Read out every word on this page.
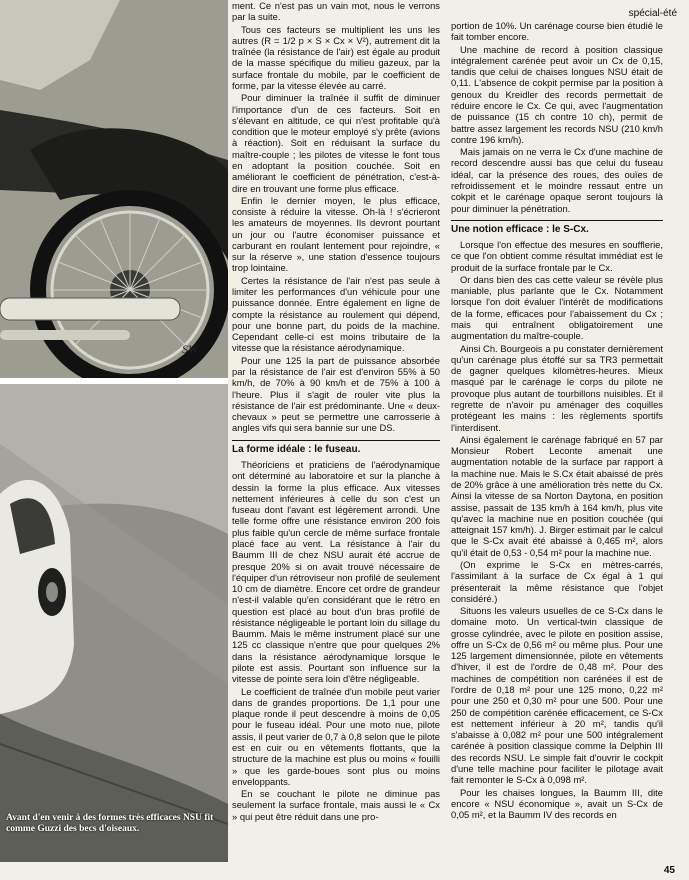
SW
Avant d'en venir à des formes très efficaces NSU fit comme Guzzi des becs d'oiseaux.
spécial-été

ment. Ce n'est pas un vain mot, nous le verrons par la suite.

Tous ces facteurs se multiplient les uns les autres (R = 1/2 p × S × Cx × V²), autrement dit la traînée (la résistance de l'air) est égale au produit de la masse spécifique du milieu gazeux, par la surface frontale du mobile, par le coefficient de forme, par la vitesse élevée au carré.

Pour diminuer la traînée il suffit de diminuer l'importance d'un de ces facteurs. Soit en s'élevant en altitude, ce qui n'est profitable qu'à condition que le moteur employé s'y prête (avions à réaction). Soit en réduisant la surface du maître-couple ; les pilotes de vitesse le font tous en adoptant la position couchée. Soit en améliorant le coefficient de pénétration, c'est-à-dire en trouvant une forme plus efficace.

Enfin le dernier moyen, le plus efficace, consiste à réduire la vitesse. Oh-là ! s'écrieront les amateurs de moyennes. Ils devront pourtant un jour ou l'autre économiser puissance et carburant en roulant lentement pour rejoindre, « sur la réserve », une station d'essence toujours trop lointaine.

Certes la résistance de l'air n'est pas seule à limiter les performances d'un véhicule pour une puissance donnée. Entre également en ligne de compte la résistance au roulement qui dépend, pour une bonne part, du poids de la machine. Cependant celle-ci est moins tributaire de la vitesse que la résistance aérodynamique.

Pour une 125 la part de puissance absorbée par la résistance de l'air est d'environ 55% à 50 km/h, de 70% à 90 km/h et de 75% à 100 à l'heure. Plus il s'agit de rouler vite plus la résistance de l'air est prédominante. Une « deux-chevaux » peut se permettre une carrosserie à angles vifs qui sera bannie sur une DS.

La forme idéale : le fuseau.

Théoriciens et praticiens de l'aérodynamique ont déterminé au laboratoire et sur la planche à dessin la forme la plus efficace. Aux vitesses nettement inférieures à celle du son c'est un fuseau dont l'avant est légèrement arrondi. Une telle forme offre une résistance environ 200 fois plus faible qu'un cercle de même surface frontale placé face au vent. La résistance à l'air du Baumm III de chez NSU aurait été accrue de presque 20% si on avait trouvé nécessaire de l'équiper d'un rétroviseur non profilé de seulement 10 cm de diamètre. Encore cet ordre de grandeur n'est-il valable qu'en considérant que le rétro en question est placé au bout d'un bras profilé de résistance négligeable le portant loin du sillage du Baumm. Mais le même instrument placé sur une 125 cc classique n'entre que pour quelques 2% dans la résistance aérodynamique lorsque le pilote est assis. Pourtant son influence sur la vitesse de pointe sera loin d'être négligeable.

Le coefficient de traînée d'un mobile peut varier dans de grandes proportions. De 1,1 pour une plaque ronde il peut descendre à moins de 0,05 pour le fuseau idéal. Pour une moto nue, pilote assis, il peut varier de 0,7 à 0,8 selon que le pilote est en cuir ou en vêtements flottants, que la structure de la machine est plus ou moins « fouilli » que les garde-boues sont plus ou moins enveloppants.

En se couchant le pilote ne diminue pas seulement la surface frontale, mais aussi le « Cx » qui peut être réduit dans une pro-

portion de 10%. Un carénage course bien étudié le fait tomber encore.

Une machine de record à position classique intégralement carénée peut avoir un Cx de 0,15, tandis que celui de chaises longues NSU était de 0,11. L'absence de cokpit permise par la position à genoux du Kreidler des records permettait de réduire encore le Cx. Ce qui, avec l'augmentation de puissance (15 ch contre 10 ch), permit de battre assez largement les records NSU (210 km/h contre 196 km/h).

Mais jamais on ne verra le Cx d'une machine de record descendre aussi bas que celui du fuseau idéal, car la présence des roues, des ouïes de refroidissement et le moindre ressaut entre un cokpit et le carénage opaque seront toujours là pour diminuer la pénétration.

Une notion efficace : le S-Cx.

Lorsque l'on effectue des mesures en soufflerie, ce que l'on obtient comme résultat immédiat est le produit de la surface frontale par le Cx.

Or dans bien des cas cette valeur se révèle plus maniable, plus parlante que le Cx. Notamment lorsque l'on doit évaluer l'intérêt de modifications de la forme, efficaces pour l'abaissement du Cx ; mais qui entraînent obligatoirement une augmentation du maître-couple.

Ainsi Ch. Bourgeois a pu constater dernièrement qu'un carénage plus étoffé sur sa TR3 permettait de gagner quelques kilomètres-heures. Mieux masqué par le carénage le corps du pilote ne provoque plus autant de tourbillons nuisibles. Et il regrette de n'avoir pu aménager des coquilles protégeant les mains : les règlements sportifs l'interdisent.

Ainsi également le carénage fabriqué en 57 par Monsieur Robert Leconte amenait une augmentation notable de la surface par rapport à la machine nue. Mais le S.Cx était abaissé de près de 20% grâce à une amélioration très nette du Cx. Ainsi la vitesse de sa Norton Daytona, en position assise, passait de 135 km/h à 164 km/h, plus vite qu'avec la machine nue en position couchée (qui atteignait 157 km/h). J. Birger estimait par le calcul que le S-Cx avait été abaissé à 0,465 m², alors qu'il était de 0,53 - 0,54 m² pour la machine nue.

(On exprime le S-Cx en mètres-carrés, l'assimilant à la surface de Cx égal à 1 qui présenterait la même résistance que l'objet considéré.)

Situons les valeurs usuelles de ce S-Cx dans le domaine moto. Un vertical-twin classique de grosse cylindrée, avec le pilote en position assise, offre un S-Cx de 0,56 m² ou même plus. Pour une 125 largement dimensionnée, pilote en vêtements d'hiver, il est de l'ordre de 0,48 m². Pour des machines de compétition non carénées il est de l'ordre de 0,18 m² pour une 125 mono, 0,22 m² pour une 250 et 0,30 m² pour une 500. Pour une 250 de compétition carénée efficacement, ce S-Cx est nettement inférieur à 20 m², tandis qu'il s'abaisse à 0,082 m² pour une 500 intégralement carénée à position classique comme la Delphin III des records NSU. Le simple fait d'ouvrir le cockpit d'une telle machine pour faciliter le pilotage avait fait remonter le S-Cx à 0,098 m².

Pour les chaises longues, la Baumm III, dite encore « NSU économique », avait un S-Cx de 0,05 m², et la Baumm IV des records en

45
